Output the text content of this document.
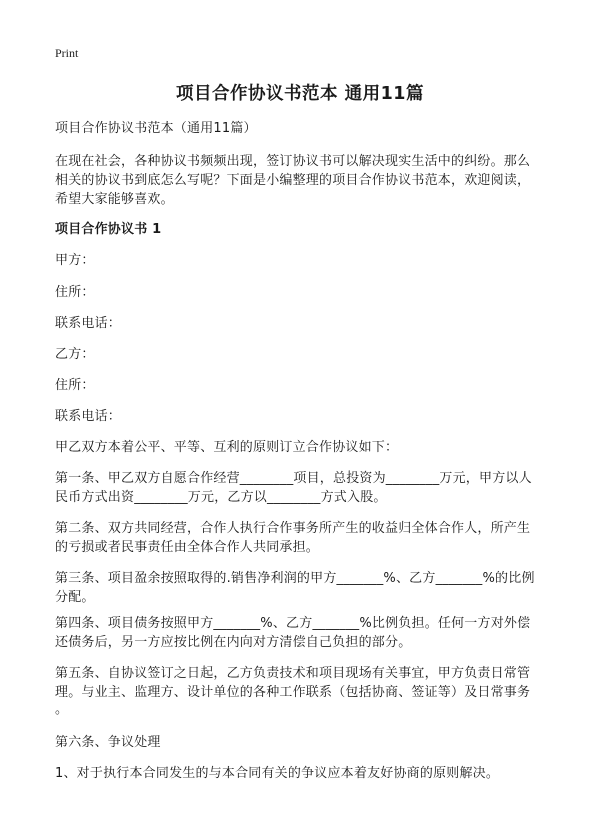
Print
项目合作协议书范本 通用11篇
项目合作协议书范本（通用11篇）
在现在社会，各种协议书频频出现，签订协议书可以解决现实生活中的纠纷。那么
相关的协议书到底怎么写呢？下面是小编整理的项目合作协议书范本，欢迎阅读，
希望大家能够喜欢。
项目合作协议书 1
甲方：
住所：
联系电话：
乙方：
住所：
联系电话：
甲乙双方本着公平、平等、互利的原则订立合作协议如下：
第一条、甲乙双方自愿合作经营________项目，总投资为________万元，甲方以人
民币方式出资________万元，乙方以________方式入股。
第二条、双方共同经营，合作人执行合作事务所产生的收益归全体合作人，所产生
的亏损或者民事责任由全体合作人共同承担。
第三条、项目盈余按照取得的.销售净利润的甲方_______%、乙方_______%的比例
分配。
第四条、项目债务按照甲方_______%、乙方_______%比例负担。任何一方对外偿
还债务后，另一方应按比例在内向对方清偿自己负担的部分。
第五条、自协议签订之日起，乙方负责技术和项目现场有关事宜，甲方负责日常管
理。与业主、监理方、设计单位的各种工作联系（包括协商、签证等）及日常事务
。
第六条、争议处理
1、对于执行本合同发生的与本合同有关的争议应本着友好协商的原则解决。
